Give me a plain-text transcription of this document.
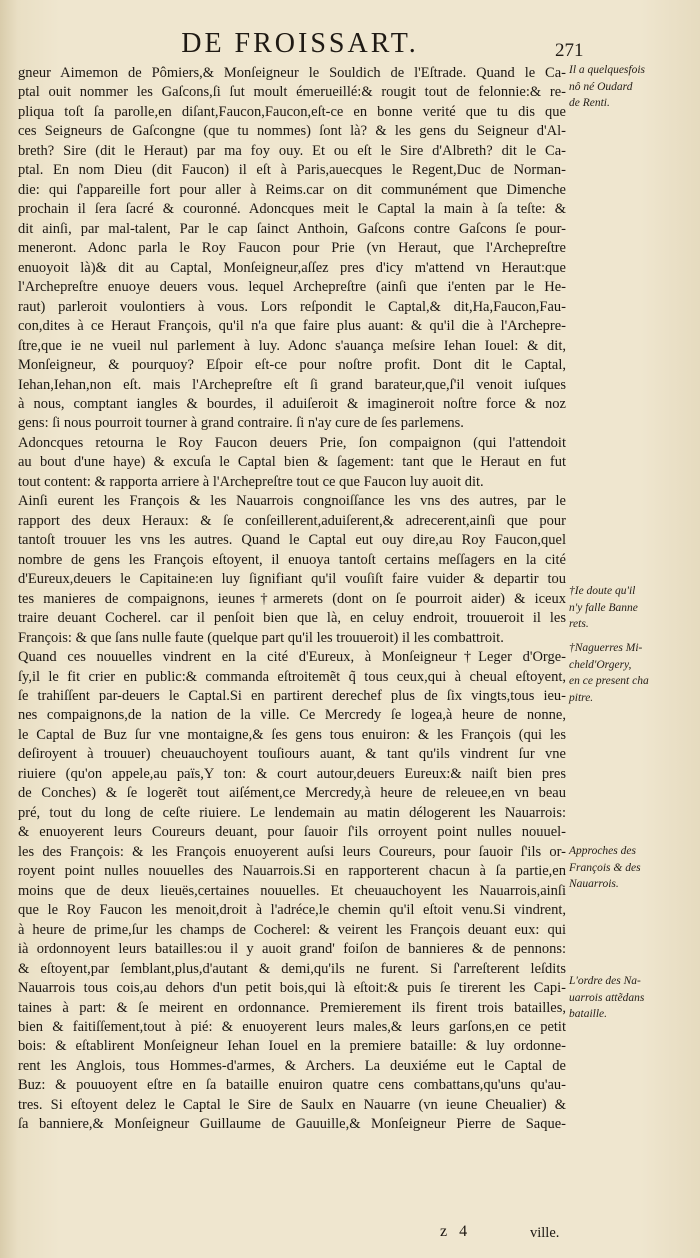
DE FROISSART.	271
gneur Aimemon de Pômiers,& Monſeigneur le Souldich de l'Eſtrade. Quand le Ca-
ptal ouit nommer les Gaſcons,ſi ſut moult émerueillé:& rougit tout de felonnie:& re-
pliqua toſt ſa parolle,en diſant,Faucon,Faucon,eſt-ce en bonne verité que tu dis que
ces Seigneurs de Gaſcongne (que tu nommes) ſont là? & les gens du Seigneur d'Al-
breth? Sire (dit le Heraut) par ma foy ouy. Et ou eſt le Sire d'Albreth? dit le Ca-
ptal. En nom Dieu (dit Faucon) il eſt à Paris,auecques le Regent,Duc de Norman-
die: qui ſ'appareille fort pour aller à Reims.car on dit communément que Dimenche
prochain il ſera ſacré & couronné. Adoncques meit le Captal la main à ſa teſte: &
dit ainſi, par mal-talent, Par le cap ſainct Anthoin, Gaſcons contre Gaſcons ſe pour-
meneront. Adonc parla le Roy Faucon pour Prie (vn Heraut, que l'Archepreſtre
enuoyoit là)& dit au Captal, Monſeigneur,aſſez pres d'icy m'attend vn Heraut:que
l'Archepreſtre enuoye deuers vous. lequel Archepreſtre (ainſi que i'enten par le He-
raut) parleroit voulontiers à vous. Lors reſpondit le Captal,& dit,Ha,Faucon,Fau-
con,dites à ce Heraut François, qu'il n'a que faire plus auant: & qu'il die à l'Archepre-
ſtre,que ie ne vueil nul parlement à luy. Adonc s'auança meſsire Iehan Iouel: & dit,
Monſeigneur, & pourquoy? Eſpoir eſt-ce pour noſtre profit. Dont dit le Captal,
Iehan,Iehan,non eſt. mais l'Archepreſtre eſt ſi grand barateur,que,ſ'il venoit iuſques
à nous, comptant iangles & bourdes, il aduiſeroit & imagineroit noſtre force & noz
gens: ſi nous pourroit tourner à grand contraire. ſi n'ay cure de ſes parlemens.
Adoncques retourna le Roy Faucon deuers Prie, ſon compaignon (qui l'attendoit
au bout d'une haye) & excuſa le Captal bien & ſagement: tant que le Heraut en fut
tout content: & rapporta arriere à l'Archepreſtre tout ce que Faucon luy auoit dit.
Ainſi eurent les François & les Nauarrois congnoiſſance les vns des autres, par le
rapport des deux Heraux: & ſe conſeillerent,aduiſerent,& adrecerent,ainſi que pour
tantoſt trouuer les vns les autres. Quand le Captal eut ouy dire,au Roy Faucon,quel
nombre de gens les François eſtoyent, il enuoya tantoſt certains meſſagers en la cité
d'Eureux,deuers le Capitaine:en luy ſignifiant qu'il vouſiſt faire vuider & departir tou
tes manieres de compaignons, ieunes†armerets (dont on ſe pourroit aider) & iceux
traire deuant Cocherel. car il penſoit bien que là, en celuy endroit, trouueroit il les
François: & que ſans nulle faute (quelque part qu'il les trouueroit) il les combattroit.
Quand ces nouuelles vindrent en la cité d'Eureux, à Monſeigneur†Leger d'Orge-
ſy,il le fit crier en public:& commanda eſtroitemẽt q̃ tous ceux,qui à cheual eſtoyent,
ſe trahiſſent par-deuers le Captal.Si en partirent derechef plus de ſix vingts,tous ieu-
nes compaignons,de la nation de la ville. Ce Mercredy ſe logea,à heure de nonne,
le Captal de Buz ſur vne montaigne,& ſes gens tous enuiron: & les François (qui les
deſiroyent à trouuer) cheuauchoyent touſiours auant, & tant qu'ils vindrent ſur vne
riuiere (qu'on appele,au païs,Y ton: & court autour,deuers Eureux:& naiſt bien pres
de Conches) & ſe logerẽt tout aiſément,ce Mercredy,à heure de releuee,en vn beau
pré, tout du long de ceſte riuiere. Le lendemain au matin délogerent les Nauarrois:
& enuoyerent leurs Coureurs deuant, pour ſauoir ſ'ils orroyent point nulles nouuel-
les des François: & les François enuoyerent auſsi leurs Coureurs, pour ſauoir ſ'ils or-
royent point nulles nouuelles des Nauarrois.Si en rapporterent chacun à ſa partie,en
moins que de deux lieuës,certaines nouuelles. Et cheuauchoyent les Nauarrois,ainſi
que le Roy Faucon les menoit,droit à l'adréce,le chemin qu'il eſtoit venu.Si vindrent,
à heure de prime,ſur les champs de Cocherel: & veirent les François deuant eux: qui
ià ordonnoyent leurs batailles:ou il y auoit grand' foiſon de bannieres & de pennons:
& eſtoyent,par ſemblant,plus,d'autant & demi,qu'ils ne furent. Si ſ'arreſterent leſdits
Nauarrois tous cois,au dehors d'un petit bois,qui là eſtoit:& puis ſe tirerent les Capi-
taines à part: & ſe meirent en ordonnance. Premierement ils firent trois batailles,
bien & faitiſſement,tout à pié: & enuoyerent leurs males,& leurs garſons,en ce petit
bois: & eſtablirent Monſeigneur Iehan Iouel en la premiere bataille: & luy ordonne-
rent les Anglois, tous Hommes-d'armes, & Archers. La deuxiéme eut le Captal de
Buz: & pouuoyent eſtre en ſa bataille enuiron quatre cens combattans,qu'uns qu'au-
tres. Si eſtoyent delez le Captal le Sire de Saulx en Nauarre (vn ieune Cheualier) &
ſa banniere,& Monſeigneur Guillaume de Gauuille,& Monſeigneur Pierre de Saque-
Il a quelquesfois
nô né Oudard
de Renti.
†Ie doute qu'il
n'y falle Banne
rets.
†Naguerres Mi-
cheld'Orgery,
en ce present cha
pitre.
Approches des
François & des
Nauarrois.
L'ordre des Na-
uarrois attẽdans
bataille.
z 4	ville.
